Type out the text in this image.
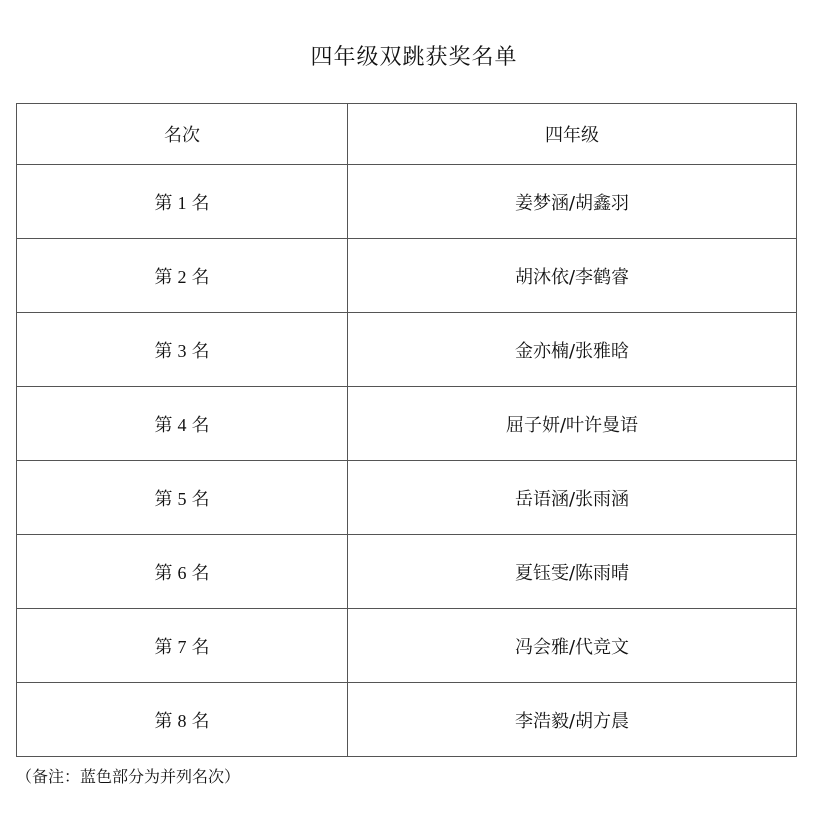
四年级双跳获奖名单
名次	四年级
第 1 名	姜梦涵/胡鑫羽
第 2 名	胡沐依/李鹤睿
第 3 名	金亦楠/张雅晗
第 4 名	屈子妍/叶许曼语
第 5 名	岳语涵/张雨涵
第 6 名	夏钰雯/陈雨晴
第 7 名	冯会雅/代竞文
第 8 名	李浩毅/胡方晨
（备注：蓝色部分为并列名次）
